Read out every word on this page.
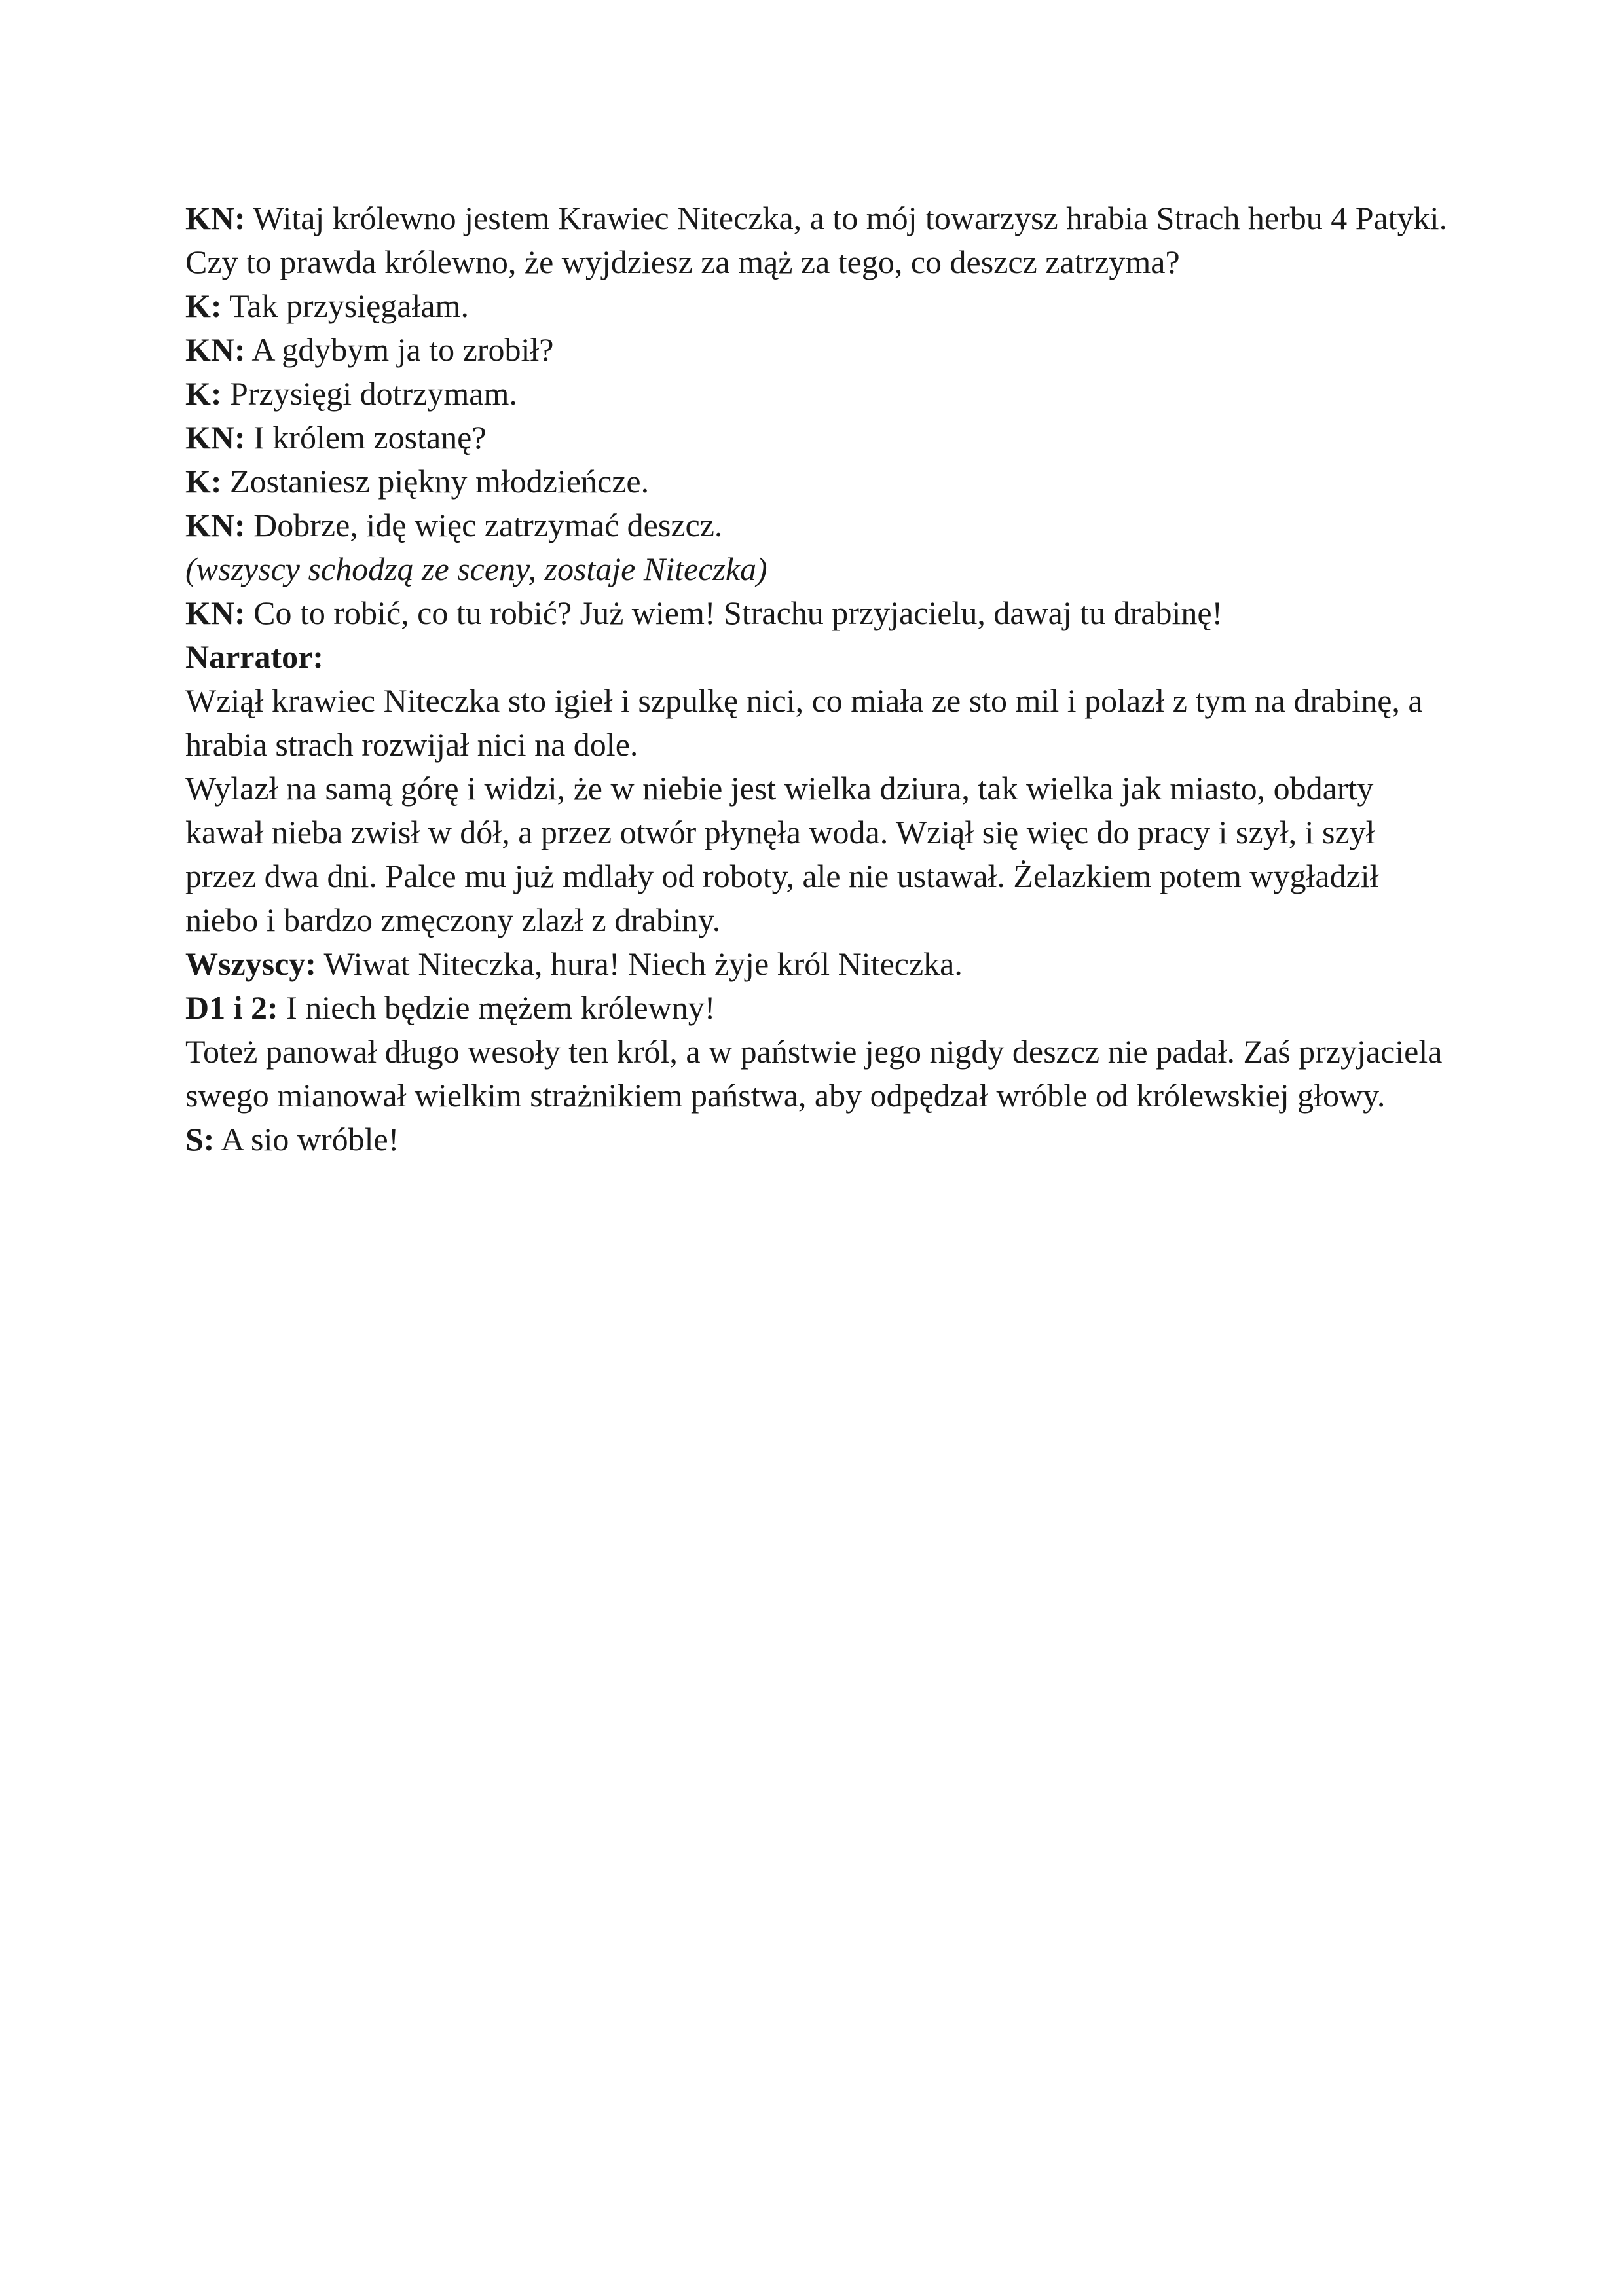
KN: Witaj królewno jestem Krawiec Niteczka, a to mój towarzysz hrabia Strach herbu 4 Patyki. Czy to prawda królewno, że wyjdziesz za mąż za tego, co deszcz zatrzyma?

K: Tak przysięgałam.

KN: A gdybym ja to zrobił?

K: Przysięgi dotrzymam.

KN: I królem zostanę?

K: Zostaniesz piękny młodzieńcze.

KN: Dobrze, idę więc zatrzymać deszcz.

(wszyscy schodzą ze sceny, zostaje Niteczka)

KN: Co to robić, co tu robić? Już wiem! Strachu przyjacielu, dawaj tu drabinę!

Narrator:

Wziął krawiec Niteczka sto igieł i szpulkę nici, co miała ze sto mil i polazł z tym na drabinę, a hrabia strach rozwijał nici na dole.

Wylazł na samą górę i widzi, że w niebie jest wielka dziura, tak wielka jak miasto, obdarty kawał nieba zwisł w dół, a przez otwór płynęła woda. Wziął się więc do pracy i szył, i szył przez dwa dni. Palce mu już mdlały od roboty, ale nie ustawał. Żelazkiem potem wygładził niebo i bardzo zmęczony zlazł z drabiny.

Wszyscy: Wiwat Niteczka, hura! Niech żyje król Niteczka.

D1 i 2: I niech będzie mężem królewny!

Toteż panował długo wesoły ten król, a w państwie jego nigdy deszcz nie padał. Zaś przyjaciela swego mianował wielkim strażnikiem państwa, aby odpędzał wróble od królewskiej głowy.

S: A sio wróble!
